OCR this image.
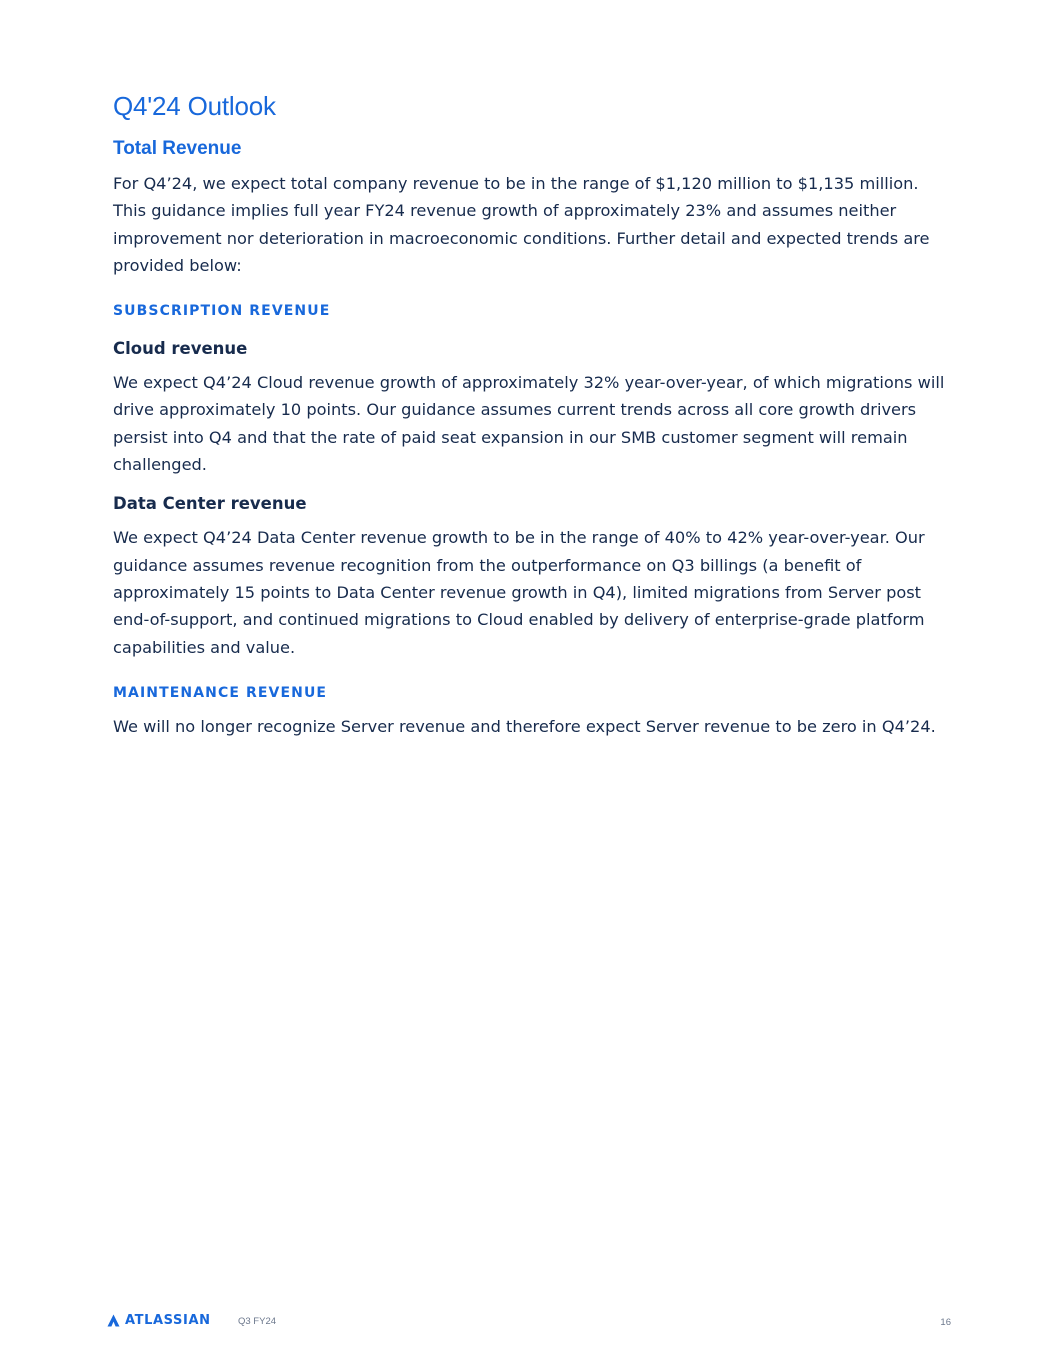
Q4'24 Outlook
Total Revenue

For Q4’24, we expect total company revenue to be in the range of $1,120 million to $1,135 million. This guidance implies full year FY24 revenue growth of approximately 23% and assumes neither improvement nor deterioration in macroeconomic conditions. Further detail and expected trends are provided below:

SUBSCRIPTION REVENUE

Cloud revenue

We expect Q4’24 Cloud revenue growth of approximately 32% year-over-year, of which migrations will drive approximately 10 points. Our guidance assumes current trends across all core growth drivers persist into Q4 and that the rate of paid seat expansion in our SMB customer segment will remain challenged.

Data Center revenue

We expect Q4’24 Data Center revenue growth to be in the range of 40% to 42% year-over-year. Our guidance assumes revenue recognition from the outperformance on Q3 billings (a benefit of approximately 15 points to Data Center revenue growth in Q4), limited migrations from Server post end-of-support, and continued migrations to Cloud enabled by delivery of enterprise-grade platform capabilities and value.

MAINTENANCE REVENUE

We will no longer recognize Server revenue and therefore expect Server revenue to be zero in Q4’24.

ATLASSIAN	Q3 FY24	16
